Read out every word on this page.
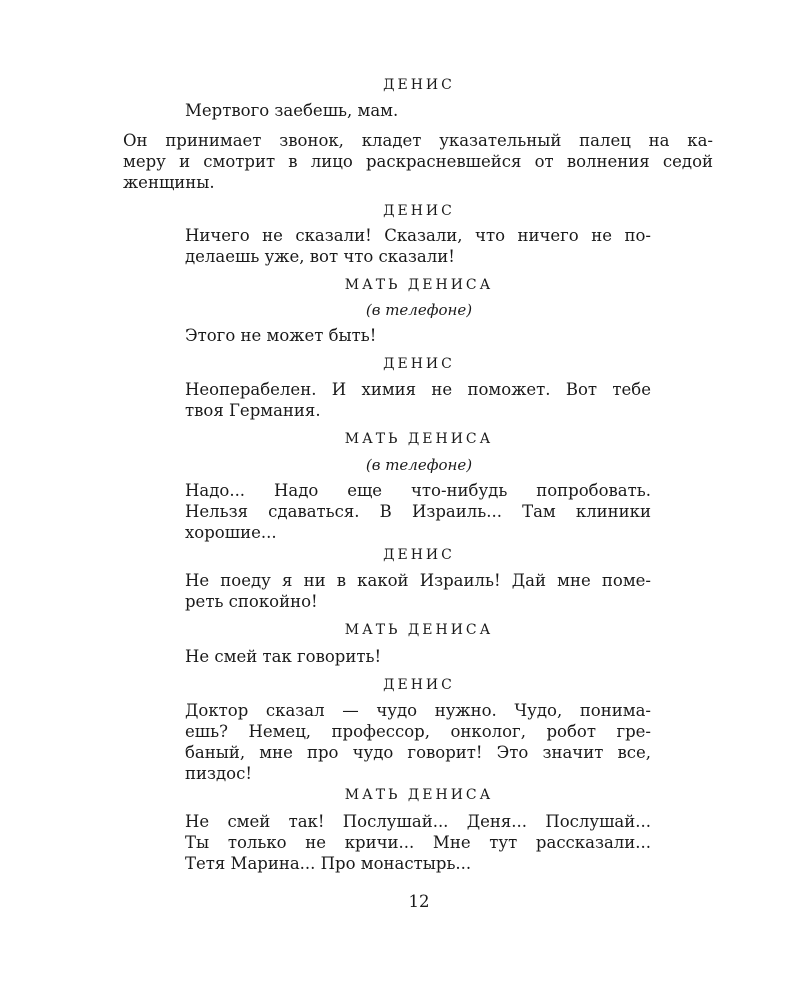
ДЕНИС
Мертвого заебешь, мам.
Он принимает звонок, кладет указательный палец на ка-
меру и смотрит в лицо раскрасневшейся от волнения седой
женщины.
ДЕНИС
Ничего не сказали! Сказали, что ничего не по-
делаешь уже, вот что сказали!
МАТЬ ДЕНИСА
(в телефоне)
Этого не может быть!
ДЕНИС
Неоперабелен. И химия не поможет. Вот тебе
твоя Германия.
МАТЬ ДЕНИСА
(в телефоне)
Надо... Надо еще что-нибудь попробовать.
Нельзя сдаваться. В Израиль... Там клиники
хорошие...
ДЕНИС
Не поеду я ни в какой Израиль! Дай мне поме-
реть спокойно!
МАТЬ ДЕНИСА
Не смей так говорить!
ДЕНИС
Доктор сказал — чудо нужно. Чудо, понима-
ешь? Немец, профессор, онколог, робот гре-
баный, мне про чудо говорит! Это значит все,
пиздос!
МАТЬ ДЕНИСА
Не смей так! Послушай... Деня... Послушай...
Ты только не кричи... Мне тут рассказали...
Тетя Марина... Про монастырь...
12
